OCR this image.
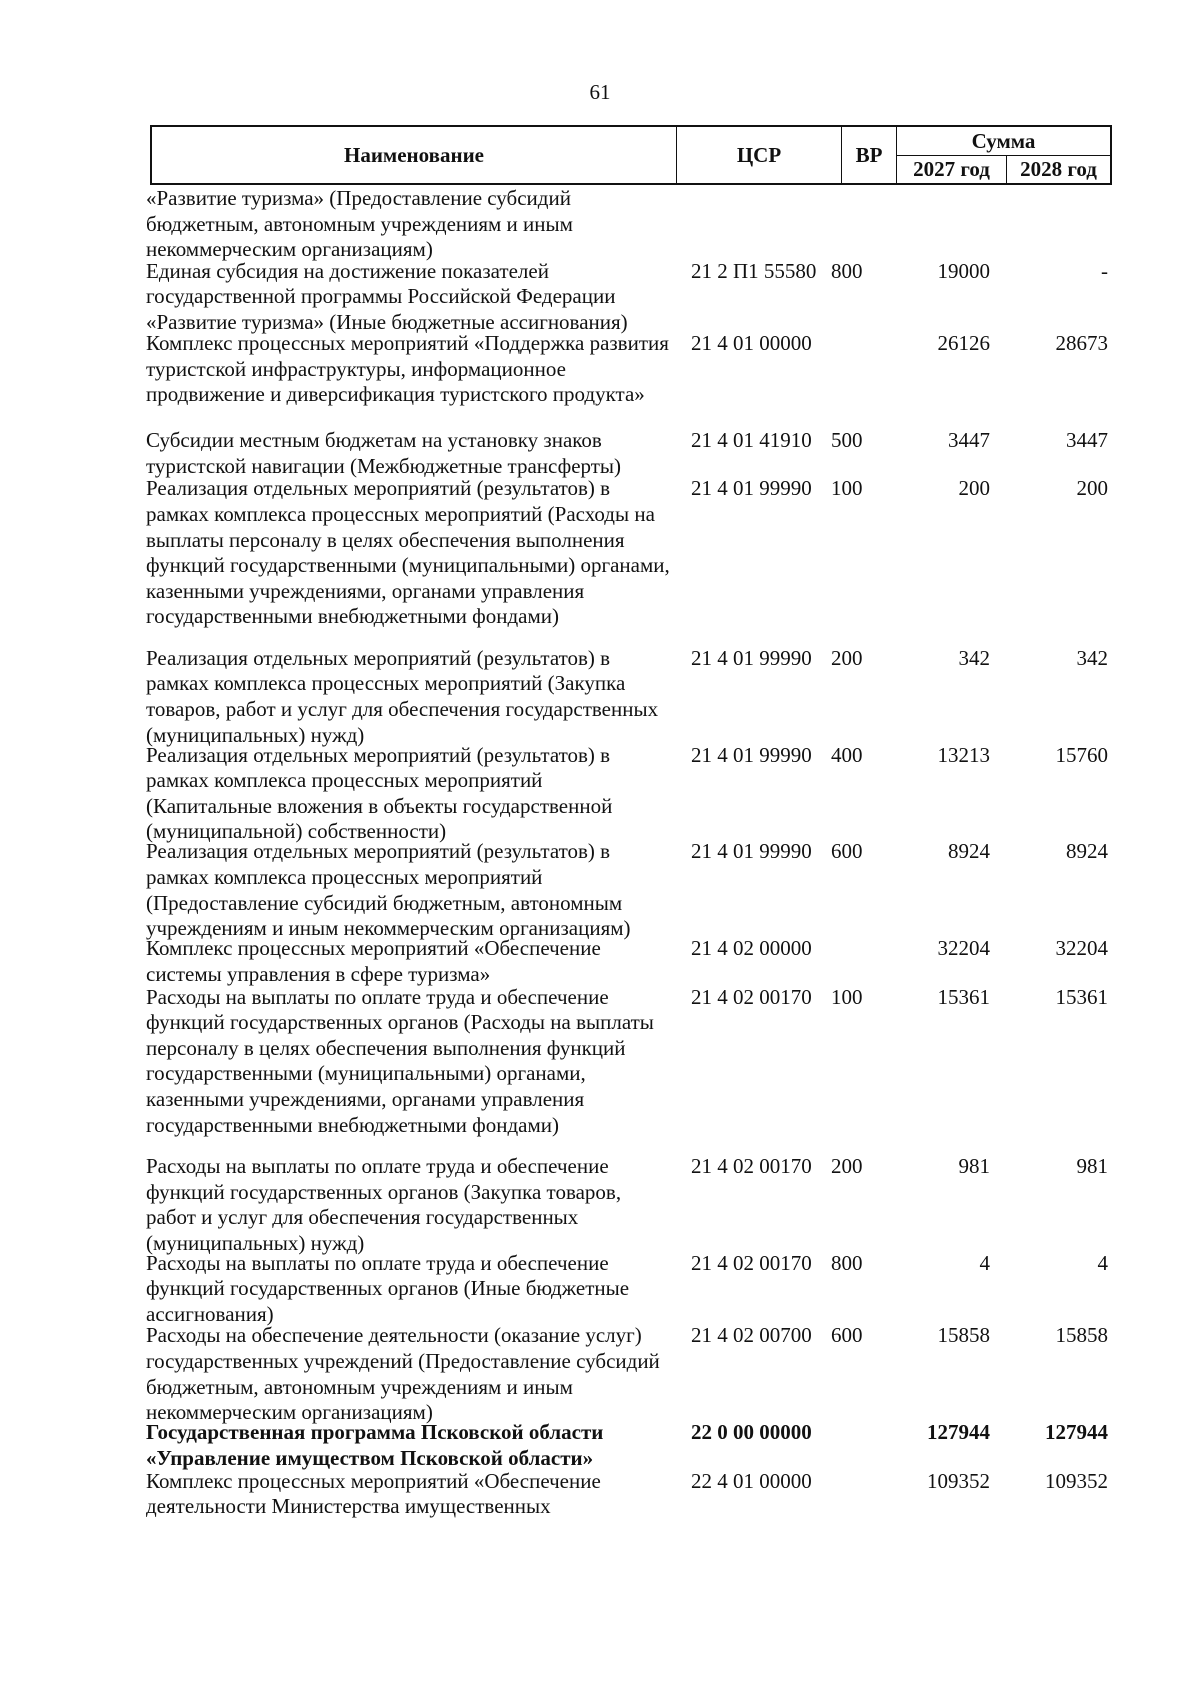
61
Наименование	ЦСР	ВР
Сумма
2027 год	2028 год
«Развитие туризма» (Предоставление субсидий бюджетным, автономным учреждениям и иным некоммерческим организациям)
Единая субсидия на достижение показателей государственной программы Российской Федерации «Развитие туризма» (Иные бюджетные ассигнования)
21 2 П1 55580 800	19000	-
Комплекс процессных мероприятий «Поддержка развития туристской инфраструктуры, информационное продвижение и диверсификация туристского продукта»
21 4 01 00000	26126	28673
Субсидии местным бюджетам на установку знаков туристской навигации (Межбюджетные трансферты)
21 4 01 41910 500	3447	3447
Реализация отдельных мероприятий (результатов) в рамках комплекса процессных мероприятий (Расходы на выплаты персоналу в целях обеспечения выполнения функций государственными (муниципальными) органами, казенными учреждениями, органами управления государственными внебюджетными фондами)
21 4 01 99990 100	200	200
Реализация отдельных мероприятий (результатов) в рамках комплекса процессных мероприятий (Закупка товаров, работ и услуг для обеспечения государственных (муниципальных) нужд)
21 4 01 99990 200	342	342
Реализация отдельных мероприятий (результатов) в рамках комплекса процессных мероприятий (Капитальные вложения в объекты государственной (муниципальной) собственности)
21 4 01 99990 400	13213	15760
Реализация отдельных мероприятий (результатов) в рамках комплекса процессных мероприятий (Предоставление субсидий бюджетным, автономным учреждениям и иным некоммерческим организациям)
21 4 01 99990 600	8924	8924
Комплекс процессных мероприятий «Обеспечение системы управления в сфере туризма»
21 4 02 00000	32204	32204
Расходы на выплаты по оплате труда и обеспечение функций государственных органов (Расходы на выплаты персоналу в целях обеспечения выполнения функций государственными (муниципальными) органами, казенными учреждениями, органами управления государственными внебюджетными фондами)
21 4 02 00170 100	15361	15361
Расходы на выплаты по оплате труда и обеспечение функций государственных органов (Закупка товаров, работ и услуг для обеспечения государственных (муниципальных) нужд)
21 4 02 00170 200	981	981
Расходы на выплаты по оплате труда и обеспечение функций государственных органов (Иные бюджетные ассигнования)
21 4 02 00170 800	4	4
Расходы на обеспечение деятельности (оказание услуг) государственных учреждений (Предоставление субсидий бюджетным, автономным учреждениям и иным некоммерческим организациям)
21 4 02 00700 600	15858	15858
Государственная программа Псковской области «Управление имуществом Псковской области»
22 0 00 00000	127944	127944
Комплекс процессных мероприятий «Обеспечение деятельности Министерства имущественных
22 4 01 00000	109352	109352
